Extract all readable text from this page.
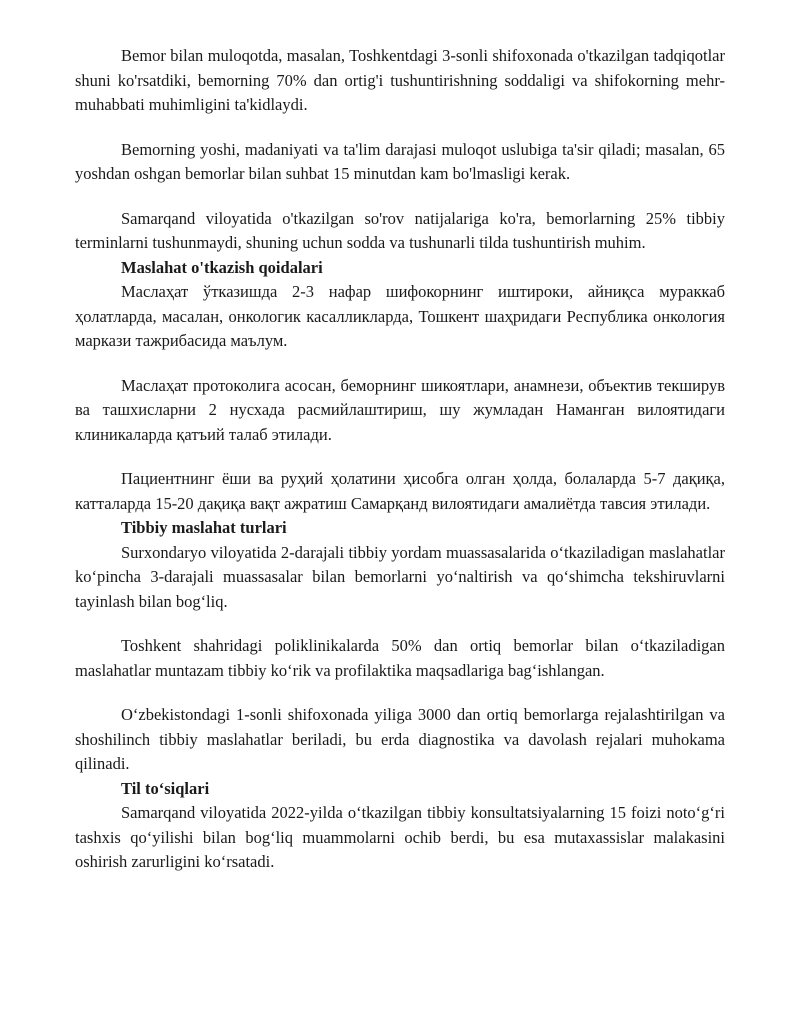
Bemor bilan muloqotda, masalan, Toshkentdagi 3-sonli shifoxonada o'tkazilgan tadqiqotlar shuni ko'rsatdiki, bemorning 70% dan ortig'i tushuntirishning soddaligi va shifokorning mehr-muhabbati muhimligini ta'kidlaydi.

Bemorning yoshi, madaniyati va ta'lim darajasi muloqot uslubiga ta'sir qiladi; masalan, 65 yoshdan oshgan bemorlar bilan suhbat 15 minutdan kam bo'lmasligi kerak.

Samarqand viloyatida o'tkazilgan so'rov natijalariga ko'ra, bemorlarning 25% tibbiy terminlarni tushunmaydi, shuning uchun sodda va tushunarli tilda tushuntirish muhim.

Maslahat o'tkazish qoidalari

Маслаҳат ўтказишда 2-3 нафар шифокорнинг иштироки, айниқса мураккаб ҳолатларда, масалан, онкологик касалликларда, Тошкент шаҳридаги Республика онкология маркази тажрибасида маълум.

Маслаҳат протоколига асосан, беморнинг шикоятлари, анамнези, объектив текширув ва ташхисларни 2 нусхада расмийлаштириш, шу жумладан Наманган вилоятидаги клиникаларда қатъий талаб этилади.

Пациентнинг ёши ва руҳий ҳолатини ҳисобга олган ҳолда, болаларда 5-7 дақиқа, катталарда 15-20 дақиқа вақт ажратиш Самарқанд вилоятидаги амалиётда тавсия этилади.

Tibbiy maslahat turlari

Surxondaryo viloyatida 2-darajali tibbiy yordam muassasalarida oʻtkaziladigan maslahatlar koʻpincha 3-darajali muassasalar bilan bemorlarni yoʻnaltirish va qoʻshimcha tekshiruvlarni tayinlash bilan bogʻliq.

Toshkent shahridagi poliklinikalarda 50% dan ortiq bemorlar bilan oʻtkaziladigan maslahatlar muntazam tibbiy koʻrik va profilaktika maqsadlariga bagʻishlangan.

Oʻzbekistondagi 1-sonli shifoxonada yiliga 3000 dan ortiq bemorlarga rejalashtirilgan va shoshilinch tibbiy maslahatlar beriladi, bu erda diagnostika va davolash rejalari muhokama qilinadi.

Til toʻsiqlari

Samarqand viloyatida 2022-yilda oʻtkazilgan tibbiy konsultatsiyalarning 15 foizi notoʻgʻri tashxis qoʻyilishi bilan bogʻliq muammolarni ochib berdi, bu esa mutaxassislar malakasini oshirish zarurligini koʻrsatadi.
